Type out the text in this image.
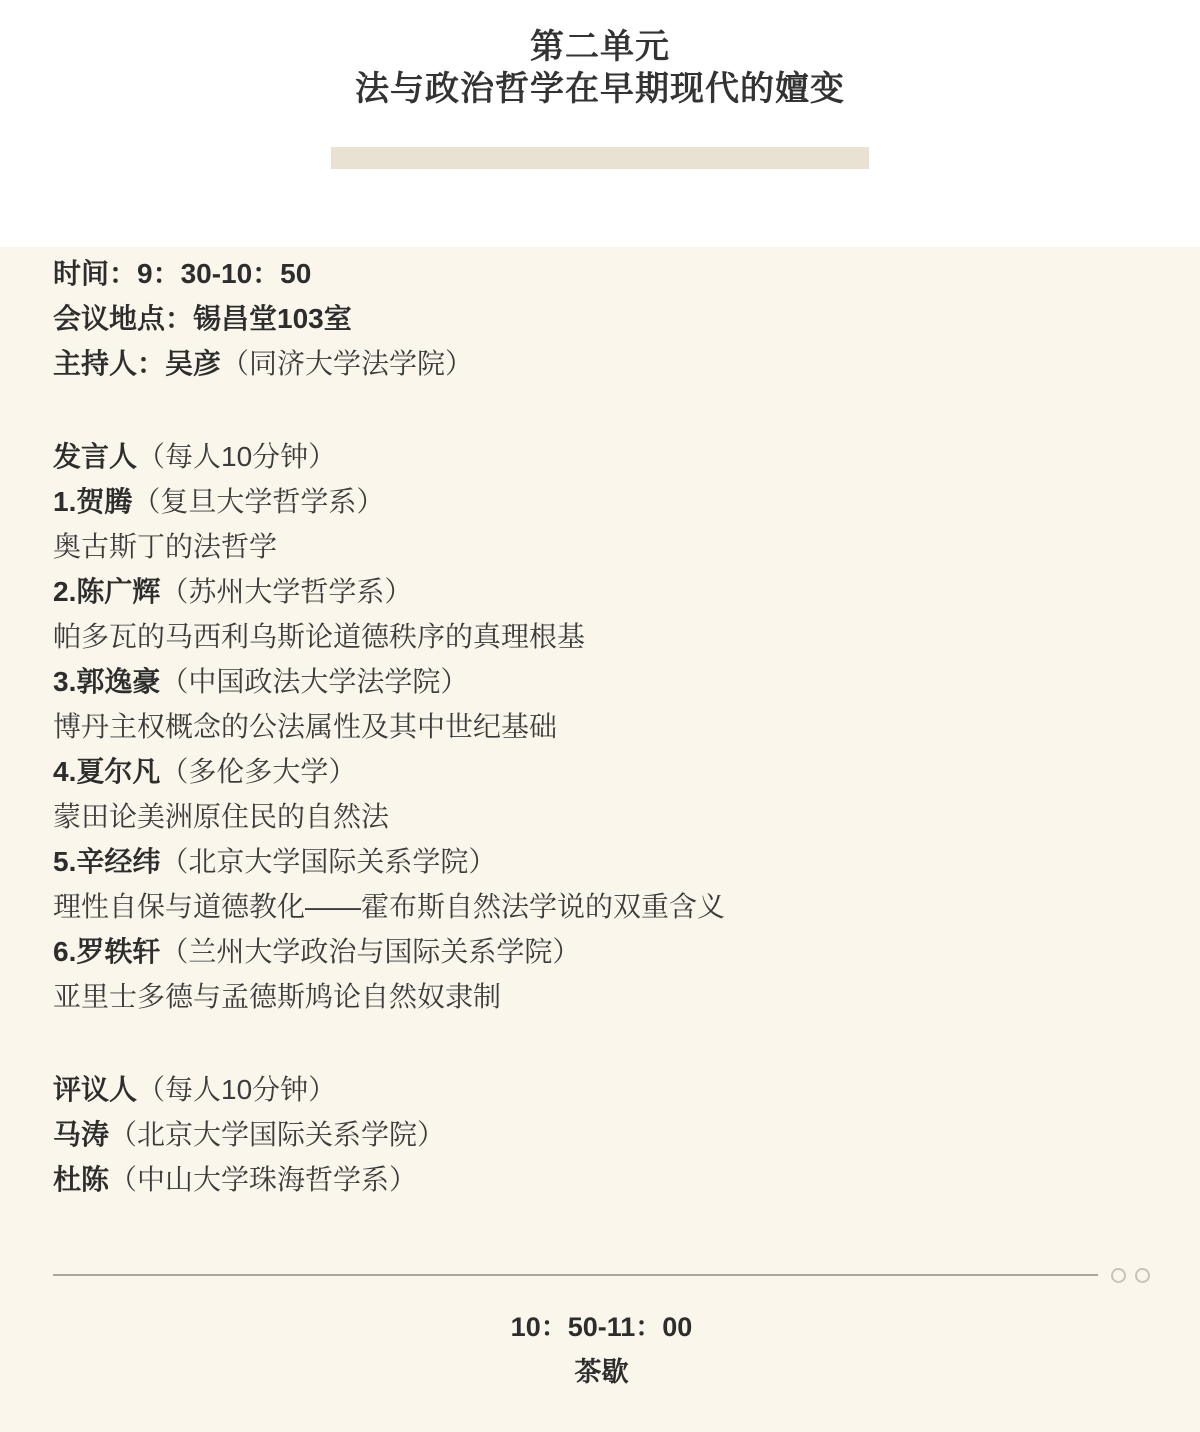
第二单元
法与政治哲学在早期现代的嬗变
时间：9：30-10：50
会议地点：锡昌堂103室
主持人：吴彦（同济大学法学院）
发言人（每人10分钟）
1.贺腾（复旦大学哲学系）
奥古斯丁的法哲学
2.陈广辉（苏州大学哲学系）
帕多瓦的马西利乌斯论道德秩序的真理根基
3.郭逸豪（中国政法大学法学院）
博丹主权概念的公法属性及其中世纪基础
4.夏尔凡（多伦多大学）
蒙田论美洲原住民的自然法
5.辛经纬（北京大学国际关系学院）
理性自保与道德教化——霍布斯自然法学说的双重含义
6.罗轶轩（兰州大学政治与国际关系学院）
亚里士多德与孟德斯鸠论自然奴隶制
评议人（每人10分钟）
马涛（北京大学国际关系学院）
杜陈（中山大学珠海哲学系）
10：50-11：00
茶歇
